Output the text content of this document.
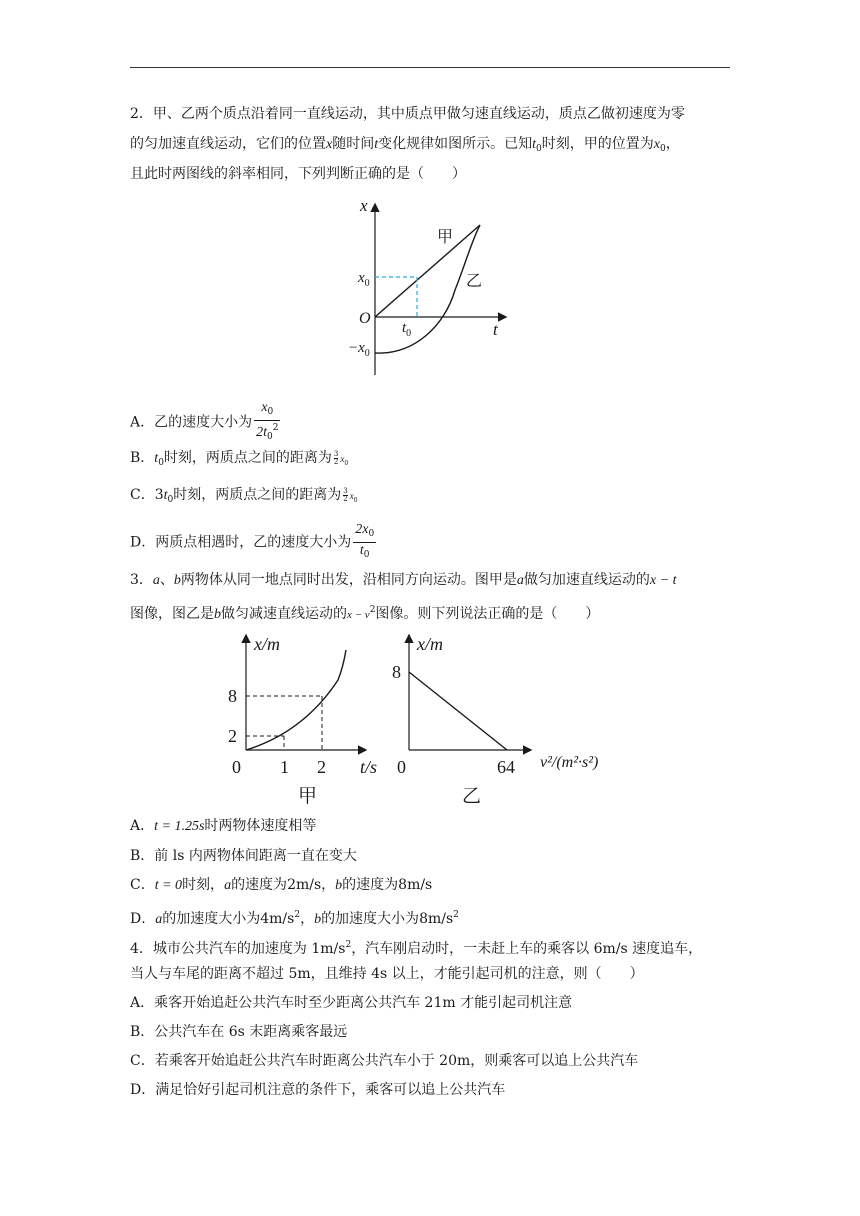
2．甲、乙两个质点沿着同一直线运动，其中质点甲做匀速直线运动，质点乙做初速度为零
的匀加速直线运动，它们的位置x随时间t变化规律如图所示。已知$t_0$时刻，甲的位置为$x_0$，
且此时两图线的斜率相同，下列判断正确的是（　　）
x
t
O
$x_0$
$-x_0$
$t_0$
甲
乙
A．乙的速度大小为 $\frac{x_0}{2t_0^2}$
B．$t_0$时刻，两质点之间的距离为 $\frac{3}{2} x_0$
C．$3t_0$时刻，两质点之间的距离为 $\frac{3}{2} x_0$
D．两质点相遇时，乙的速度大小为 $\frac{2x_0}{t_0}$
3．a、b两物体从同一地点同时出发，沿相同方向运动。图甲是a做匀加速直线运动的x − t
图像，图乙是b做匀减速直线运动的$x - v^2$图像。则下列说法正确的是（　　）
x/m
8
2
0 1 2 t/s
甲
x/m
8
0	64 v²/(m²·s²)
乙
A．t = 1.25s时两物体速度相等
B．前 ls 内两物体间距离一直在变大
C．t = 0时刻，a的速度为2m/s，b的速度为8m/s
D．a的加速度大小为$4m/s^2$，b的加速度大小为$8m/s^2$
4．城市公共汽车的加速度为 $1m/s^2$，汽车刚启动时，一未赶上车的乘客以 6m/s 速度追车，
当人与车尾的距离不超过 5m，且维持 4s 以上，才能引起司机的注意，则（　　）
A．乘客开始追赶公共汽车时至少距离公共汽车 21m 才能引起司机注意
B．公共汽车在 6s 末距离乘客最远
C．若乘客开始追赶公共汽车时距离公共汽车小于 20m，则乘客可以追上公共汽车
D．满足恰好引起司机注意的条件下，乘客可以追上公共汽车
